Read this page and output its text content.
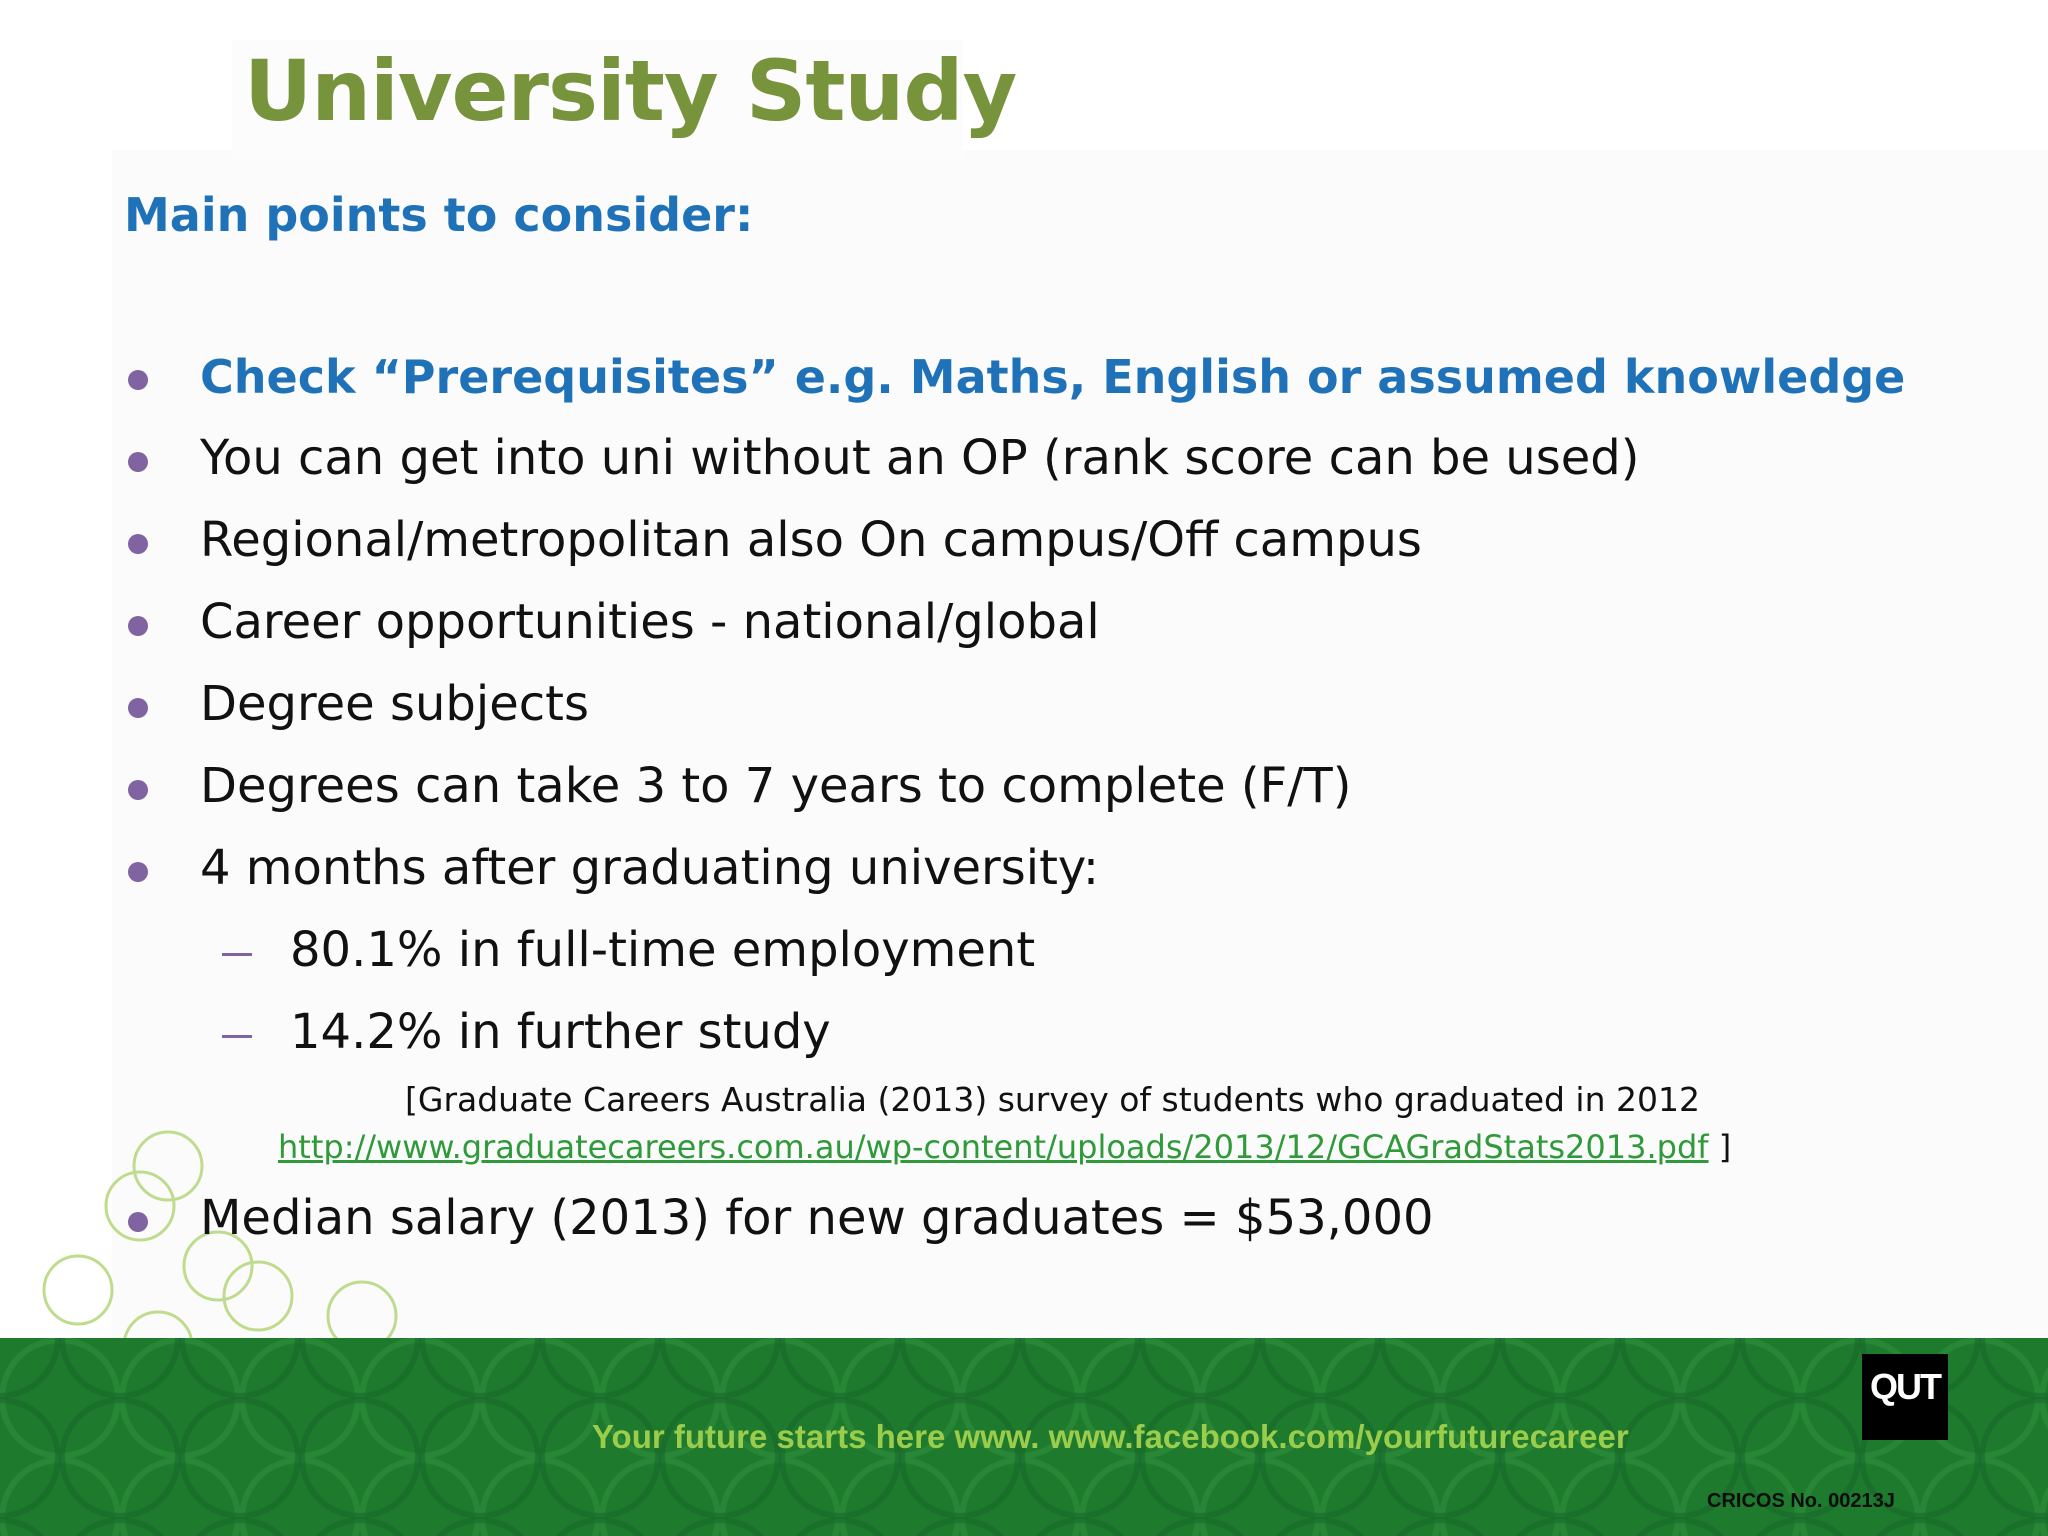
University Study
Main points to consider:
Check “Prerequisites” e.g. Maths, English or assumed knowledge
You can get into uni without an OP (rank score can be used)
Regional/metropolitan also On campus/Off campus
Career opportunities - national/global
Degree subjects
Degrees can take 3 to 7 years to complete (F/T)
4 months after graduating university:
80.1% in full-time employment
14.2% in further study
[Graduate Careers Australia (2013) survey of students who graduated in 2012
http://www.graduatecareers.com.au/wp-content/uploads/2013/12/GCAGradStats2013.pdf ]
Median salary (2013) for new graduates = $53,000
Your future starts here www. www.facebook.com/yourfuturecareer
QUT
CRICOS No. 00213J
